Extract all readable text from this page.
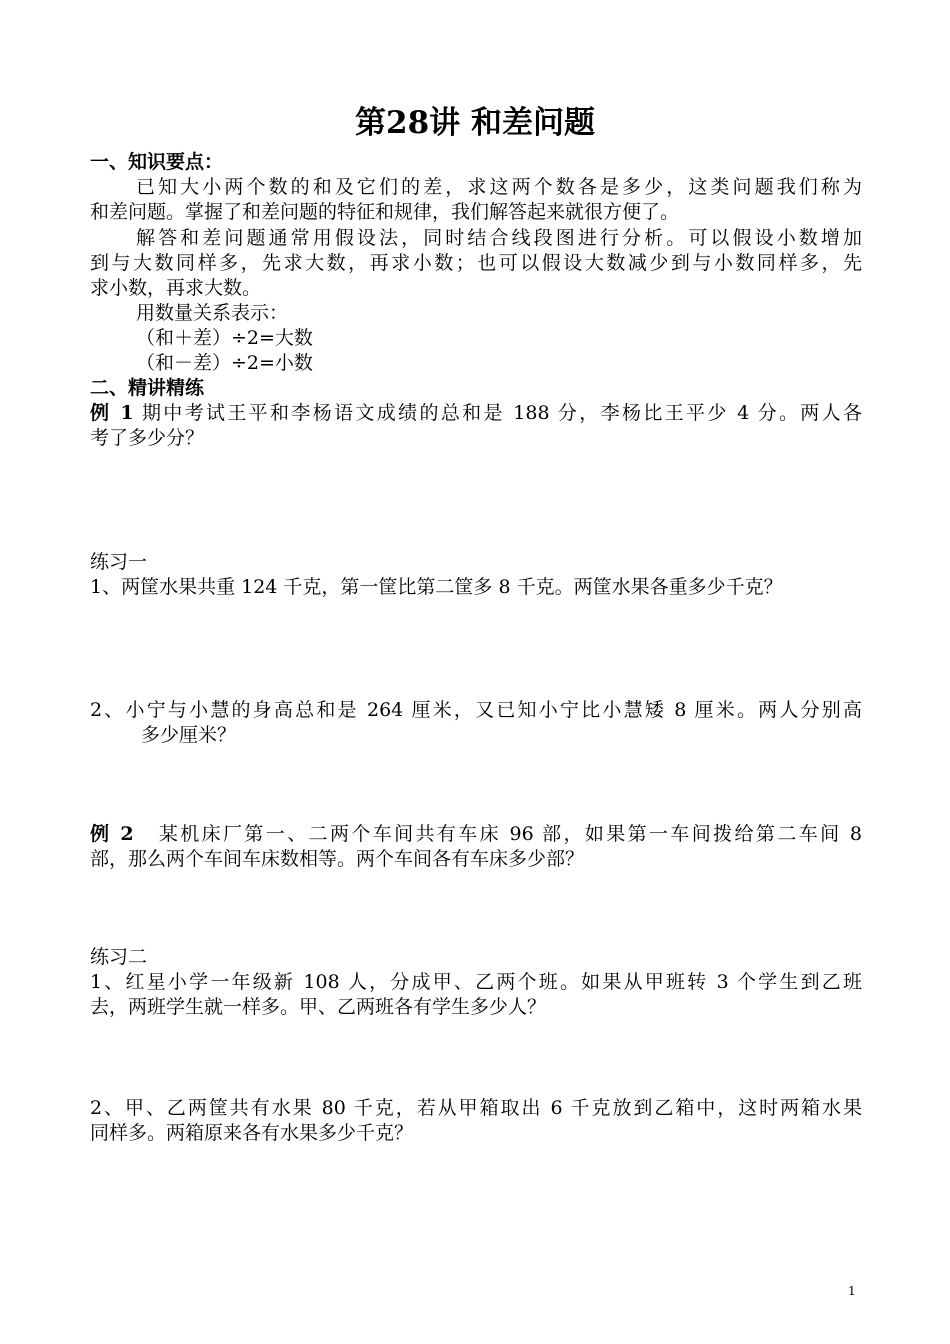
第28讲 和差问题
一、知识要点：
已知大小两个数的和及它们的差，求这两个数各是多少，这类问题我们称为
和差问题。掌握了和差问题的特征和规律，我们解答起来就很方便了。
解答和差问题通常用假设法，同时结合线段图进行分析。可以假设小数增加
到与大数同样多，先求大数，再求小数；也可以假设大数减少到与小数同样多，先
求小数，再求大数。
用数量关系表示：
（和＋差）÷2=大数
（和－差）÷2=小数
二、精讲精练
例 1 期中考试王平和李杨语文成绩的总和是 188 分，李杨比王平少 4 分。两人各
考了多少分？
练习一
1、两筐水果共重 124 千克，第一筐比第二筐多 8 千克。两筐水果各重多少千克？
2、小宁与小慧的身高总和是 264 厘米，又已知小宁比小慧矮 8 厘米。两人分别高
多少厘米？
例 2 某机床厂第一、二两个车间共有车床 96 部，如果第一车间拨给第二车间 8
部，那么两个车间车床数相等。两个车间各有车床多少部？
练习二
1、红星小学一年级新 108 人，分成甲、乙两个班。如果从甲班转 3 个学生到乙班
去，两班学生就一样多。甲、乙两班各有学生多少人？
2、甲、乙两筐共有水果 80 千克，若从甲箱取出 6 千克放到乙箱中，这时两箱水果
同样多。两箱原来各有水果多少千克？
1
